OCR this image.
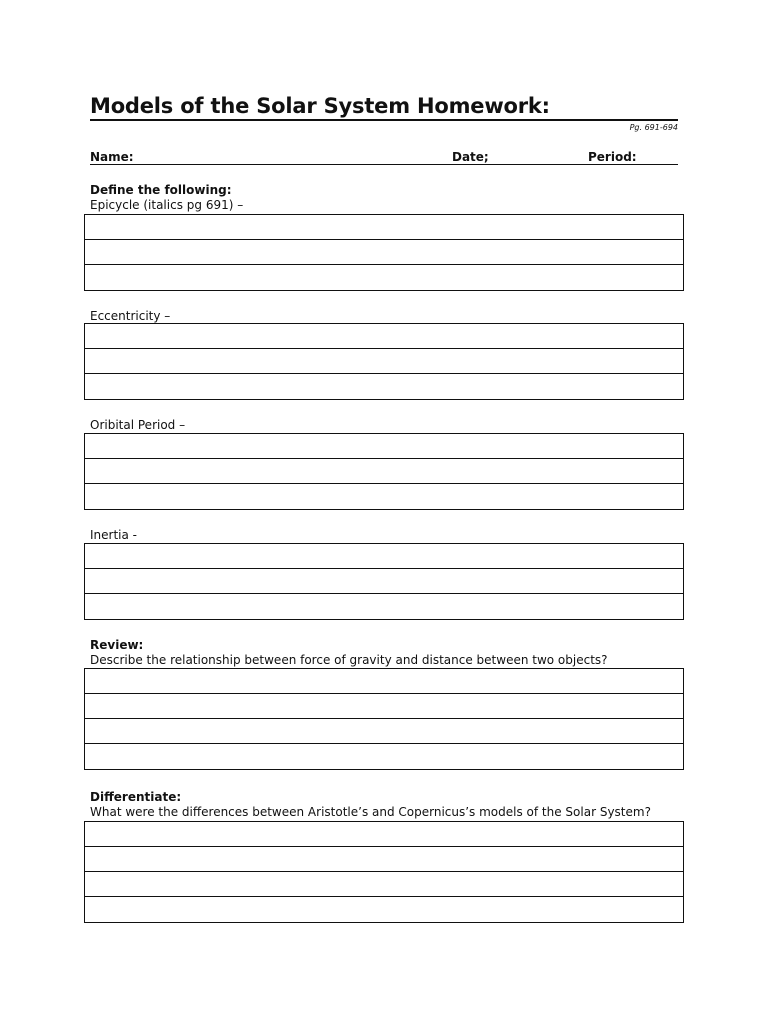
Models of the Solar System Homework:
Pg. 691-694
Name:	Date;	Period:
Define the following:
Epicycle (italics pg 691) –
Eccentricity –
Oribital Period –
Inertia -
Review:
Describe the relationship between force of gravity and distance between two objects?
Differentiate:
What were the differences between Aristotle’s and Copernicus’s models of the Solar System?
